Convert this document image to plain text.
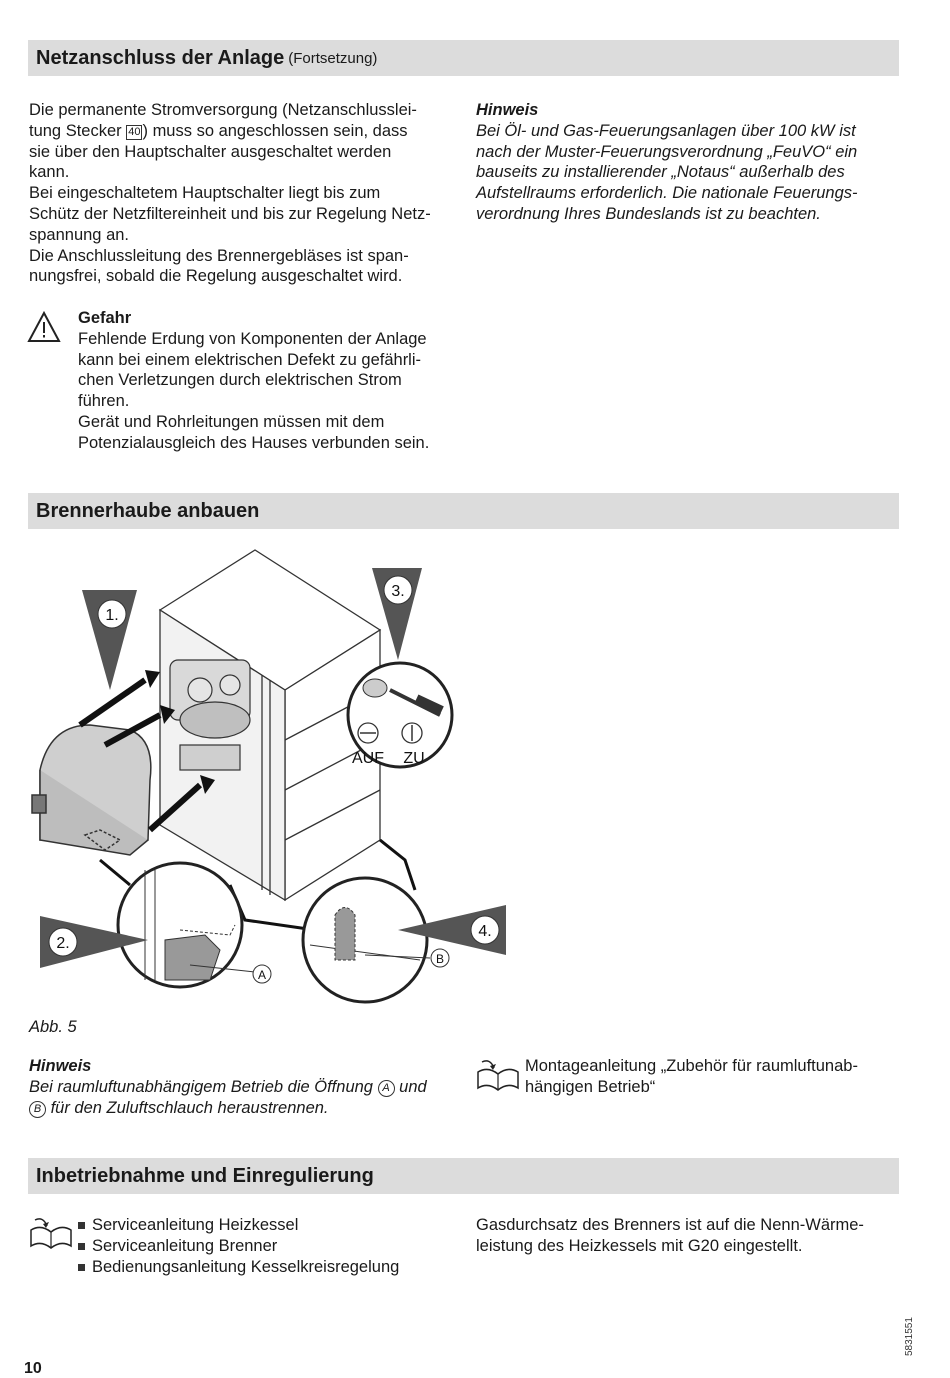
Netzanschluss der Anlage (Fortsetzung)

Die permanente Stromversorgung (Netzanschlusslei-

tung Stecker 40 ) muss so angeschlossen sein, dass

sie über den Hauptschalter ausgeschaltet werden

kann.

Bei eingeschaltetem Hauptschalter liegt bis zum

Schütz der Netzfiltereinheit und bis zur Regelung Netz-

spannung an.

Die Anschlussleitung des Brennergebläses ist span-

nungsfrei, sobald die Regelung ausgeschaltet wird.

Gefahr

Fehlende Erdung von Komponenten der Anlage

kann bei einem elektrischen Defekt zu gefährli-

chen Verletzungen durch elektrischen Strom

führen.

Gerät und Rohrleitungen müssen mit dem

Potenzialausgleich des Hauses verbunden sein.

Hinweis

Bei Öl- und Gas-Feuerungsanlagen über 100 kW ist

nach der Muster-Feuerungsverordnung „FeuVO“ ein

bauseits zu installierender „Notaus“ außerhalb des

Aufstellraums erforderlich. Die nationale Feuerungs-

verordnung Ihres Bundeslands ist zu beachten.

Brennerhaube anbauen
1.
3.
AUF ZU
A
2.
B
4.
Abb. 5

Hinweis

Bei raumluftunabhängigem Betrieb die Öffnung A und

B für den Zuluftschlauch heraustrennen.

Montageanleitung „Zubehör für raumluftunab-

hängigen Betrieb“

Inbetriebnahme und Einregulierung
Serviceanleitung Heizkessel
Serviceanleitung Brenner
Bedienungsanleitung Kesselkreisregelung

Gasdurchsatz des Brenners ist auf die Nenn-Wärme-

leistung des Heizkessels mit G20 eingestellt.

10
5831551
